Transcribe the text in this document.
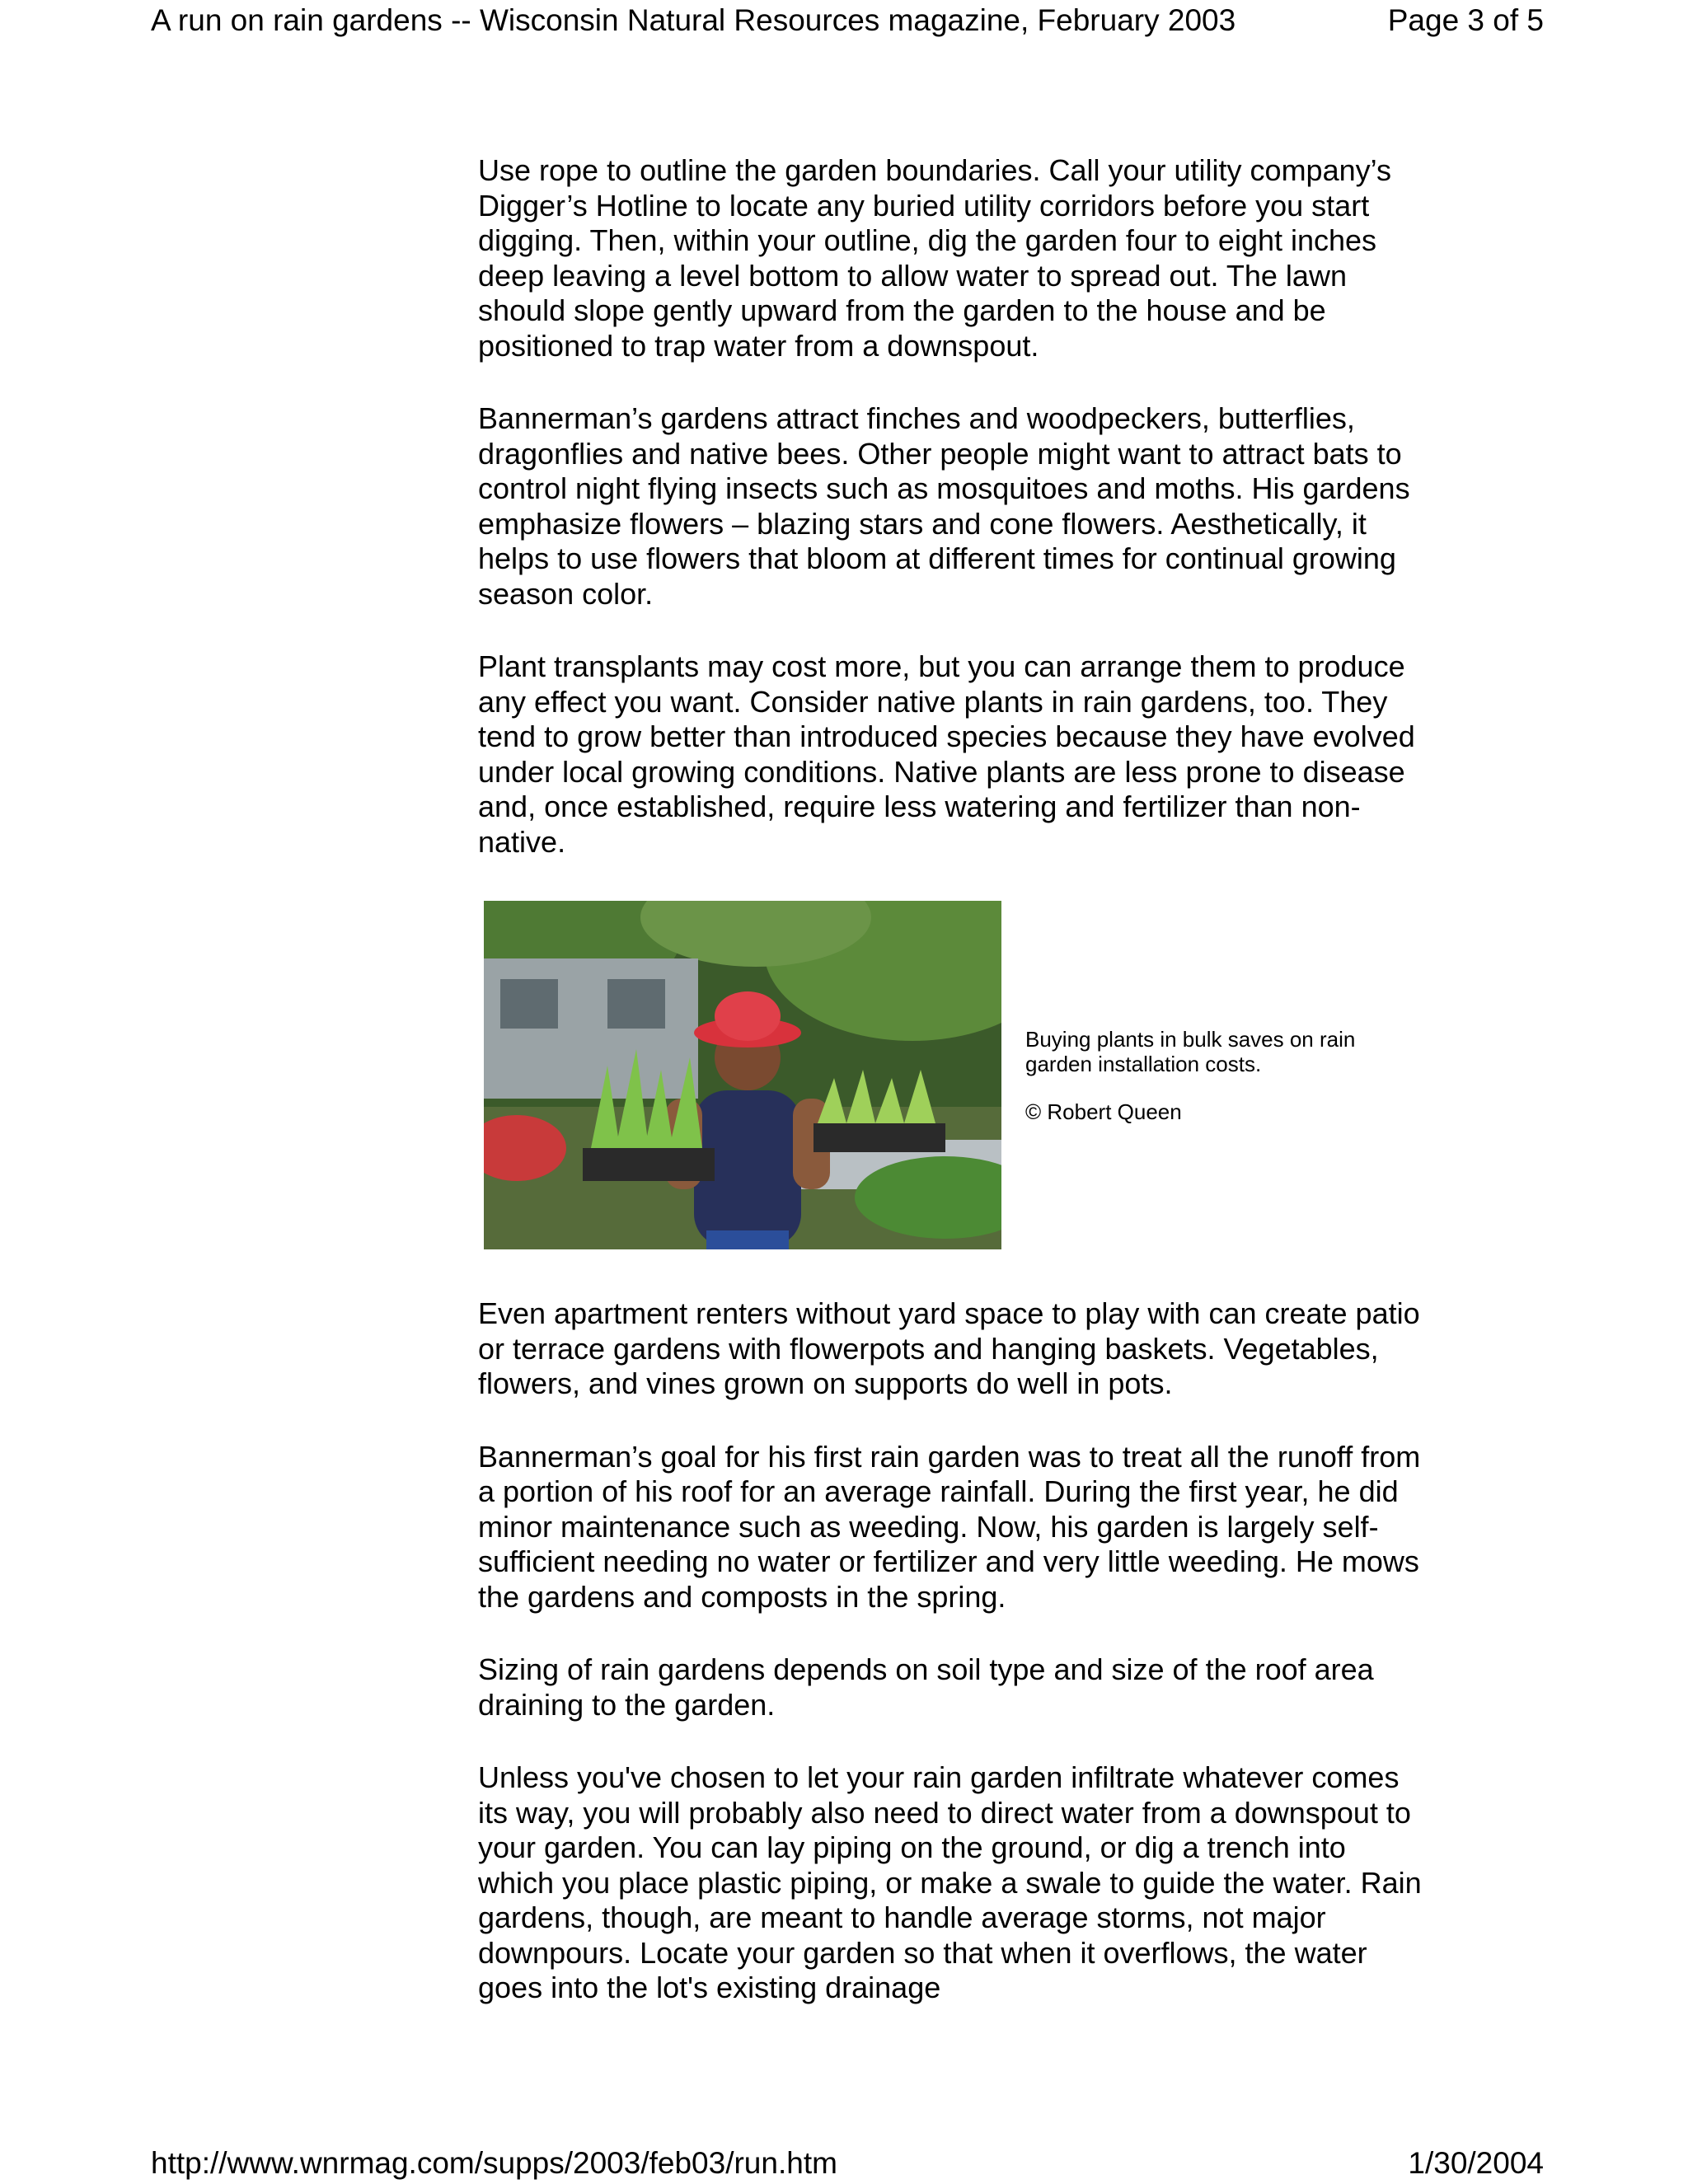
A run on rain gardens -- Wisconsin Natural Resources magazine, February 2003	Page 3 of 5

Use rope to outline the garden boundaries. Call your utility company’s Digger’s Hotline to locate any buried utility corridors before you start digging. Then, within your outline, dig the garden four to eight inches deep leaving a level bottom to allow water to spread out. The lawn should slope gently upward from the garden to the house and be positioned to trap water from a downspout.

Bannerman’s gardens attract finches and woodpeckers, butterflies, dragonflies and native bees. Other people might want to attract bats to control night flying insects such as mosquitoes and moths. His gardens emphasize flowers – blazing stars and cone flowers. Aesthetically, it helps to use flowers that bloom at different times for continual growing season color.

Plant transplants may cost more, but you can arrange them to produce any effect you want. Consider native plants in rain gardens, too. They tend to grow better than introduced species because they have evolved under local growing conditions. Native plants are less prone to disease and, once established, require less watering and fertilizer than non-native.

Buying plants in bulk saves on rain garden installation costs.

© Robert Queen

Even apartment renters without yard space to play with can create patio or terrace gardens with flowerpots and hanging baskets. Vegetables, flowers, and vines grown on supports do well in pots.

Bannerman’s goal for his first rain garden was to treat all the runoff from a portion of his roof for an average rainfall. During the first year, he did minor maintenance such as weeding. Now, his garden is largely self-sufficient needing no water or fertilizer and very little weeding. He mows the gardens and composts in the spring.

Sizing of rain gardens depends on soil type and size of the roof area draining to the garden.

Unless you've chosen to let your rain garden infiltrate whatever comes its way, you will probably also need to direct water from a downspout to your garden. You can lay piping on the ground, or dig a trench into which you place plastic piping, or make a swale to guide the water. Rain gardens, though, are meant to handle average storms, not major downpours. Locate your garden so that when it overflows, the water goes into the lot's existing drainage

http://www.wnrmag.com/supps/2003/feb03/run.htm	1/30/2004
